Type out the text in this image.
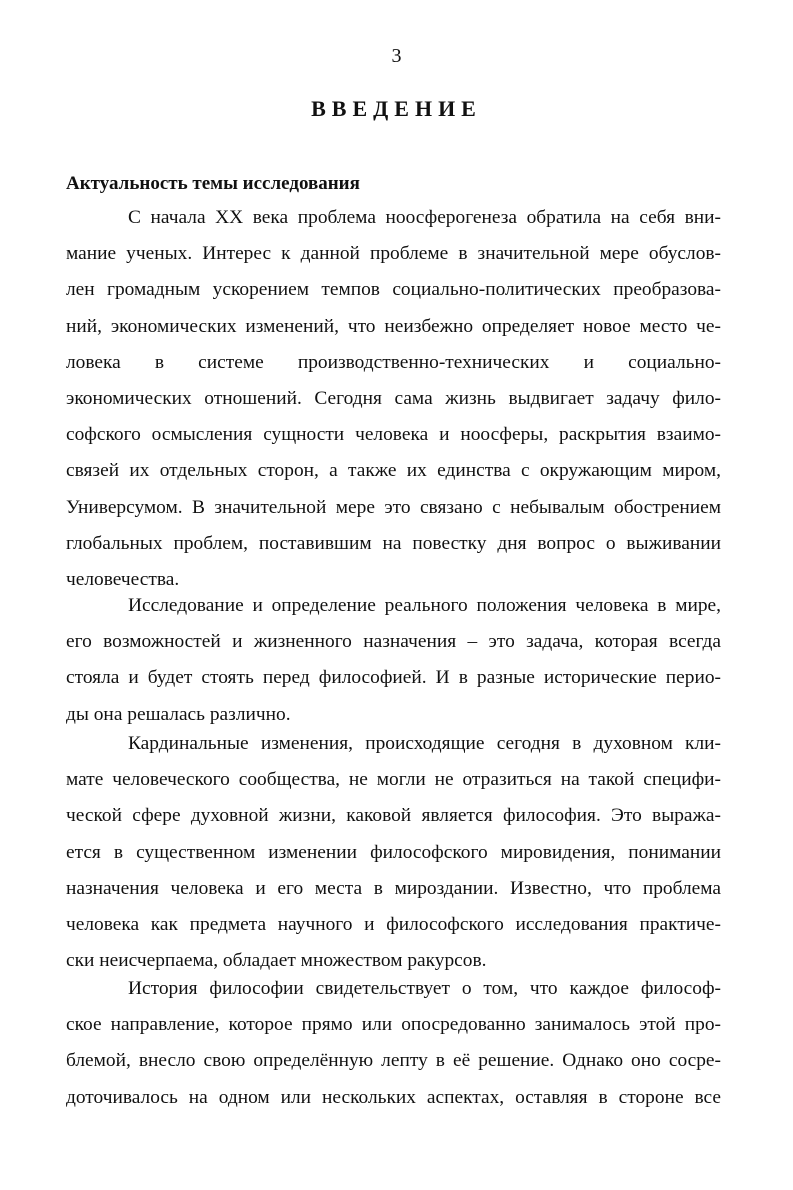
3
ВВЕДЕНИЕ
Актуальность темы исследования
С начала XX века проблема ноосферогенеза обратила на себя вни-
мание ученых. Интерес к данной проблеме в значительной мере обуслов-
лен громадным ускорением темпов социально-политических преобразова-
ний, экономических изменений, что неизбежно определяет новое место че-
ловека в системе производственно-технических и социально-
экономических отношений. Сегодня сама жизнь выдвигает задачу фило-
софского осмысления сущности человека и ноосферы, раскрытия взаимо-
связей их отдельных сторон, а также их единства с окружающим миром,
Универсумом. В значительной мере это связано с небывалым обострением
глобальных проблем, поставившим на повестку дня вопрос о выживании
человечества.
Исследование и определение реального положения человека в мире,
его возможностей и жизненного назначения – это задача, которая всегда
стояла и будет стоять перед философией. И в разные исторические перио-
ды она решалась различно.
Кардинальные изменения, происходящие сегодня в духовном кли-
мате человеческого сообщества, не могли не отразиться на такой специфи-
ческой сфере духовной жизни, каковой является философия. Это выража-
ется в существенном изменении философского мировидения, понимании
назначения человека и его места в мироздании. Известно, что проблема
человека как предмета научного и философского исследования практиче-
ски неисчерпаема, обладает множеством ракурсов.
История философии свидетельствует о том, что каждое философ-
ское направление, которое прямо или опосредованно занималось этой про-
блемой, внесло свою определённую лепту в её решение. Однако оно сосре-
доточивалось на одном или нескольких аспектах, оставляя в стороне все
